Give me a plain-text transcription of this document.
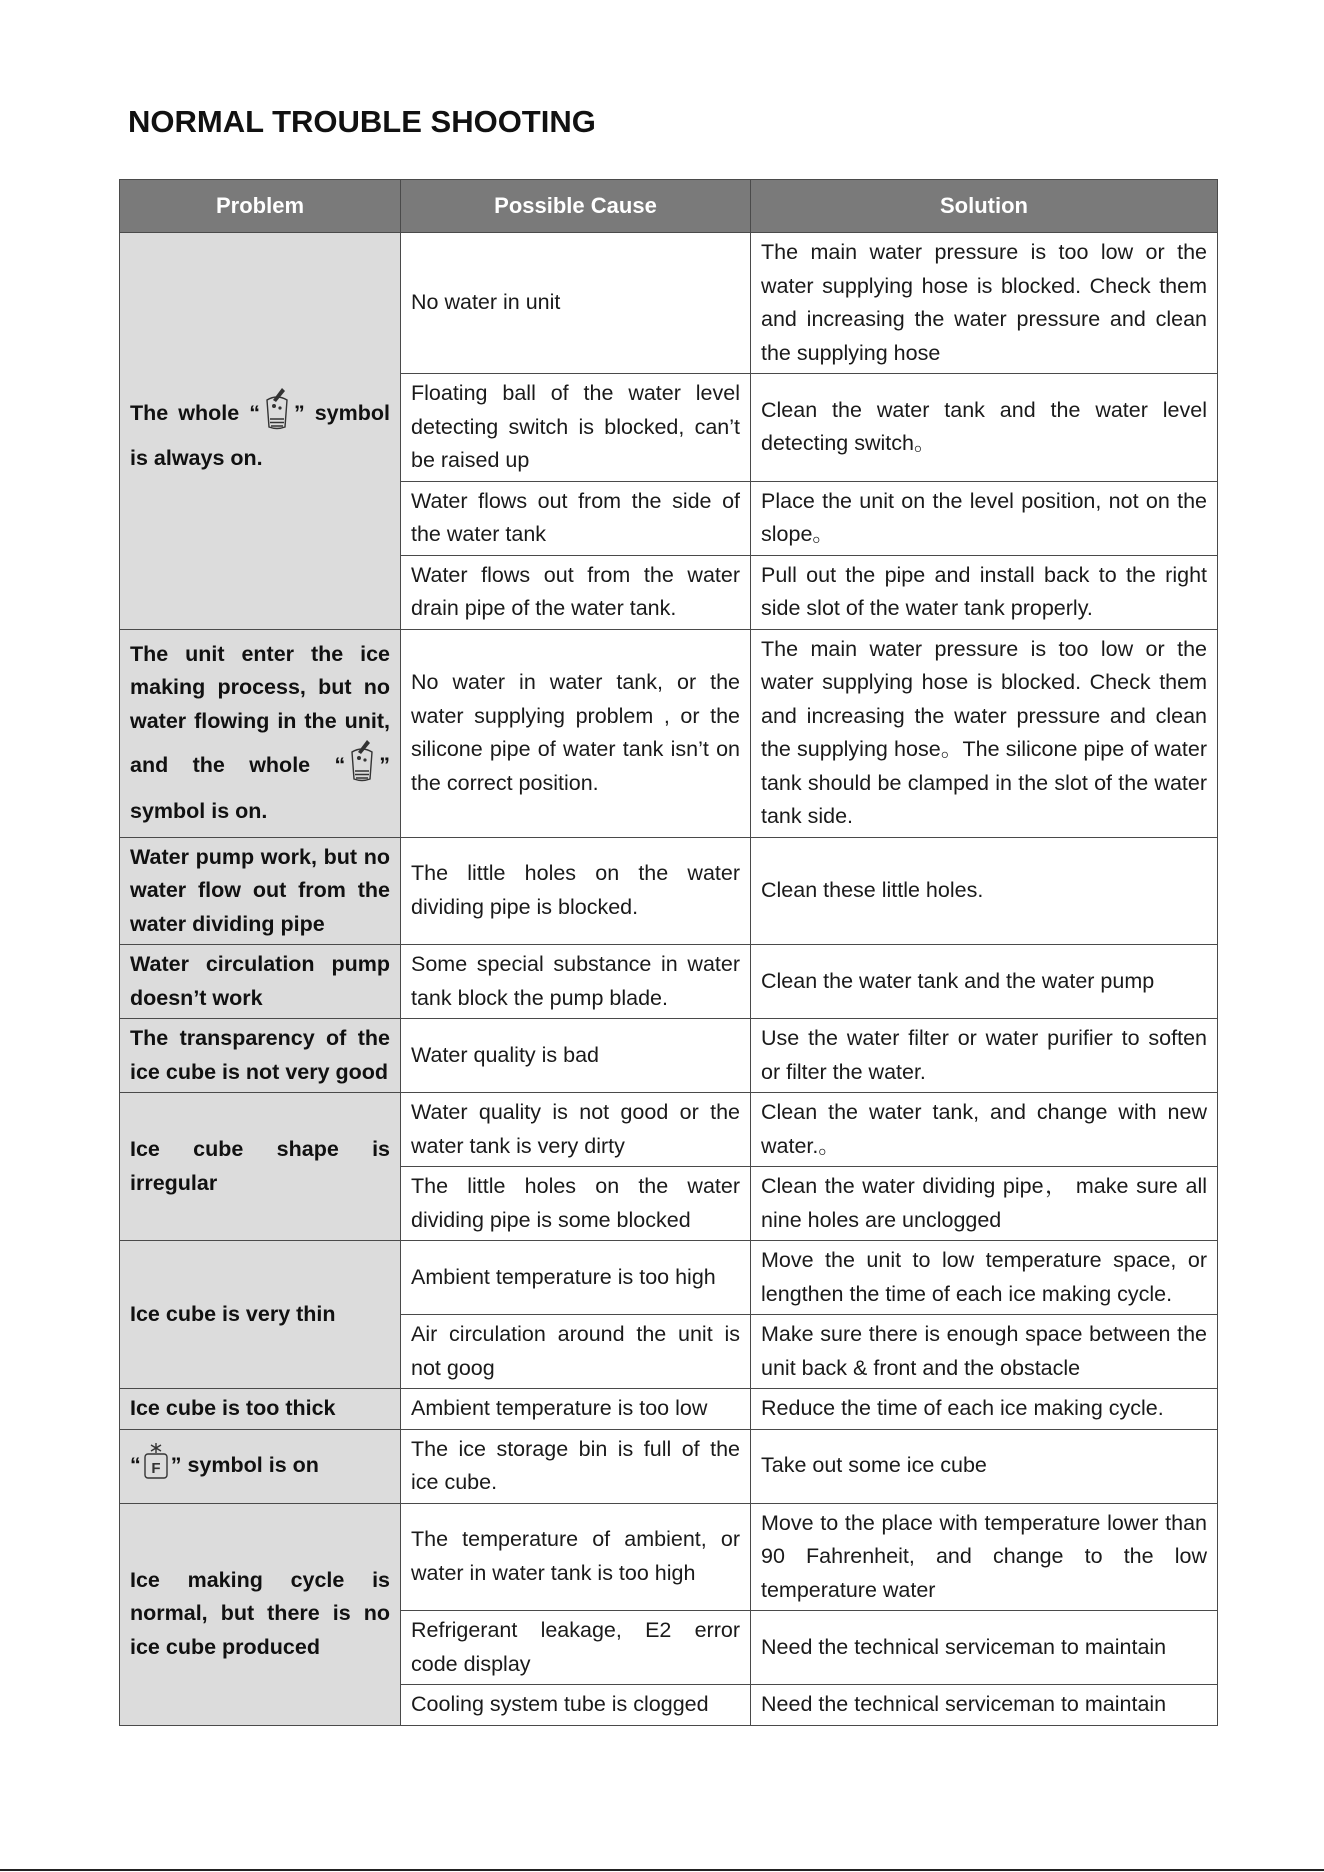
NORMAL TROUBLE SHOOTING
Problem	Possible Cause	Solution
The whole “ ” symbol is always on.	No water in unit	The main water pressure is too low or the water supplying hose is blocked. Check them and increasing the water pressure and clean the supplying hose
	Floating ball of the water level detecting switch is blocked, can’t be raised up	Clean the water tank and the water level detecting switch。
	Water flows out from the side of the water tank	Place the unit on the level position, not on the slope。
	Water flows out from the water drain pipe of the water tank.	Pull out the pipe and install back to the right side slot of the water tank properly.
The unit enter the ice making process, but no water flowing in the unit, and the whole “ ” symbol is on.	No water in water tank, or the water supplying problem , or the silicone pipe of water tank isn’t on the correct position.	The main water pressure is too low or the water supplying hose is blocked. Check them and increasing the water pressure and clean the supplying hose。The silicone pipe of water tank should be clamped in the slot of the water tank side.
Water pump work, but no water flow out from the water dividing pipe	The little holes on the water dividing pipe is blocked.	Clean these little holes.
Water circulation pump doesn’t work	Some special substance in water tank block the pump blade.	Clean the water tank and the water pump
The transparency of the ice cube is not very good	Water quality is bad	Use the water filter or water purifier to soften or filter the water.
Ice cube shape is irregular	Water quality is not good or the water tank is very dirty	Clean the water tank, and change with new water.。
	The little holes on the water dividing pipe is some blocked	Clean the water dividing pipe， make sure all nine holes are unclogged
Ice cube is very thin	Ambient temperature is too high	Move the unit to low temperature space, or lengthen the time of each ice making cycle.
	Air circulation around the unit is not goog	Make sure there is enough space between the unit back & front and the obstacle
Ice cube is too thick	Ambient temperature is too low	Reduce the time of each ice making cycle.
“ F ” symbol is on	The ice storage bin is full of the ice cube.	Take out some ice cube
Ice making cycle is normal, but there is no ice cube produced	The temperature of ambient, or water in water tank is too high	Move to the place with temperature lower than 90 Fahrenheit, and change to the low temperature water
	Refrigerant leakage, E2 error code display	Need the technical serviceman to maintain
	Cooling system tube is clogged	Need the technical serviceman to maintain
